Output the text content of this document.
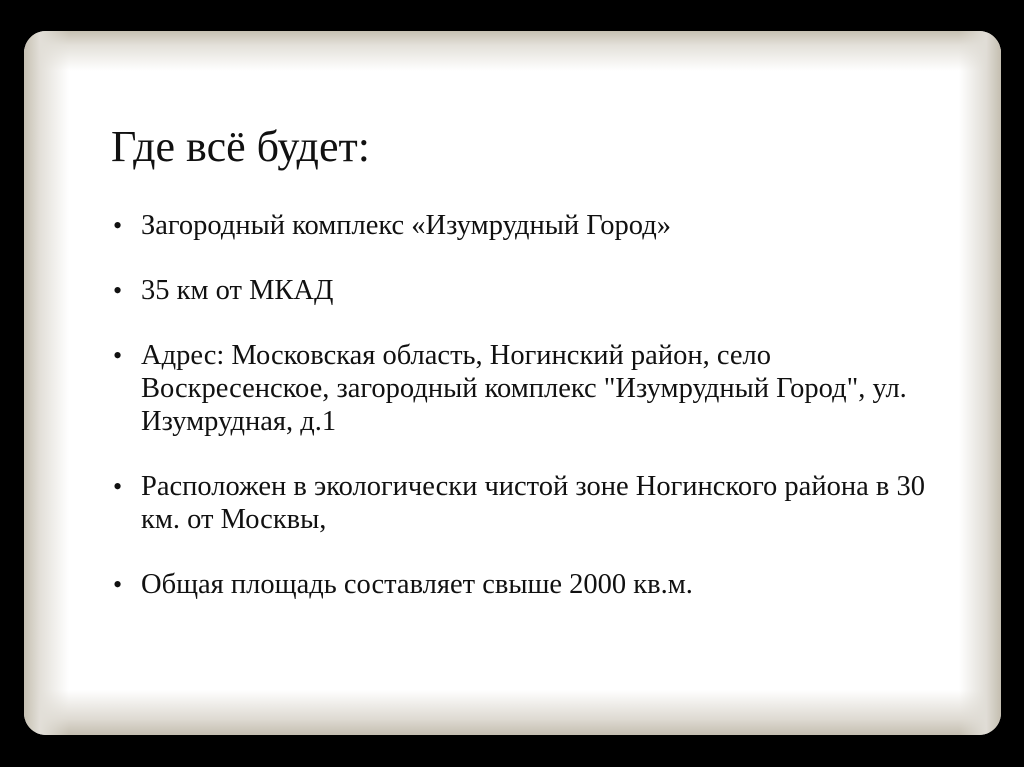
Где всё будет:
• Загородный комплекс «Изумрудный Город»
• 35 км от МКАД
• Адрес: Московская область, Ногинский район, село Воскресенское, загородный комплекс "Изумрудный Город", ул. Изумрудная, д.1
• Расположен в экологически чистой зоне Ногинского района в 30 км. от Москвы,
• Общая площадь составляет свыше 2000 кв.м.
